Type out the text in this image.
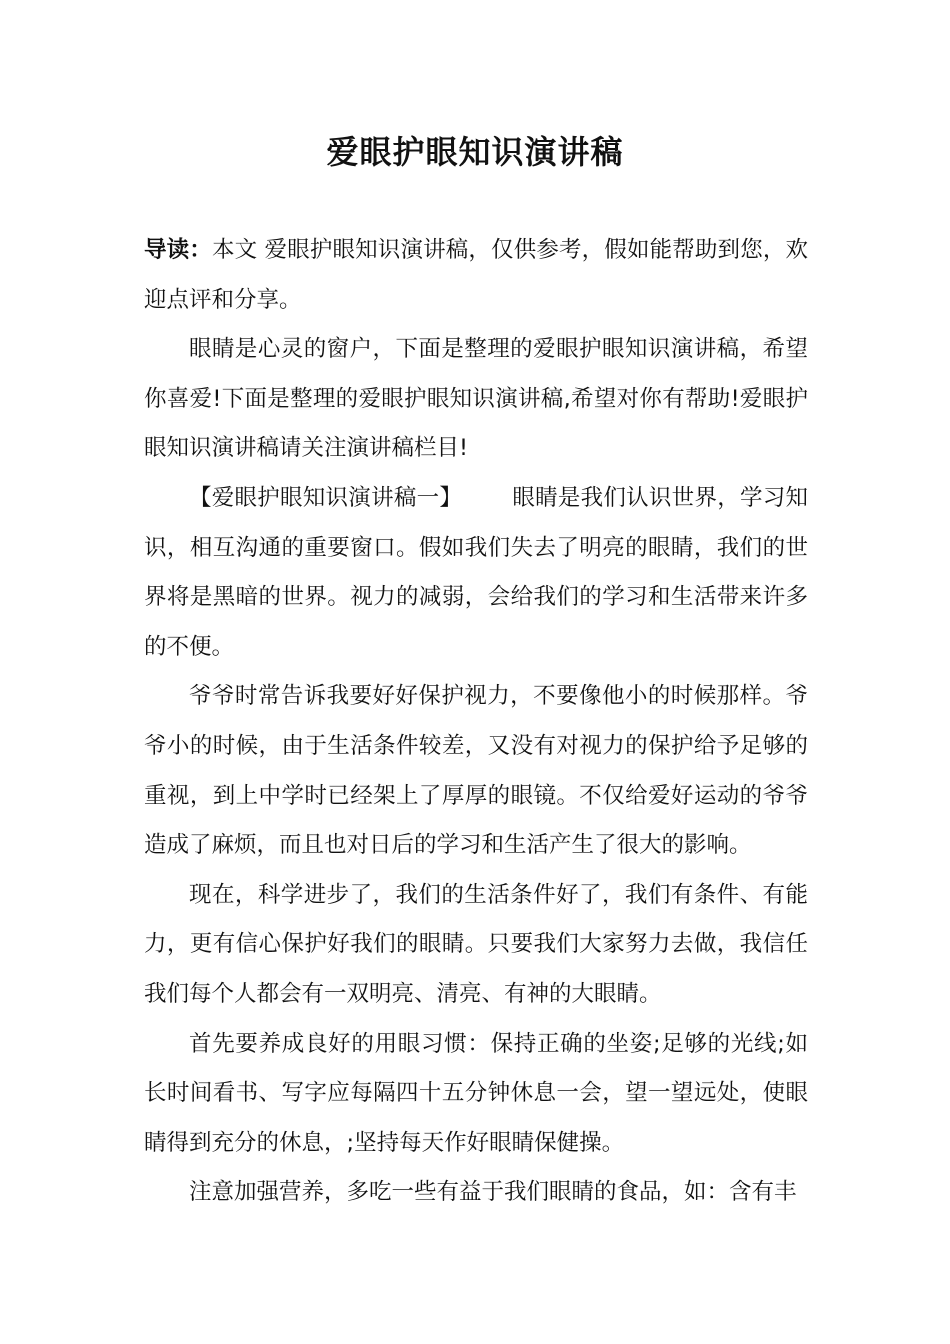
爱眼护眼知识演讲稿

导读：本文 爱眼护眼知识演讲稿，仅供参考，假如能帮助到您，欢迎点评和分享。

眼睛是心灵的窗户，下面是整理的爱眼护眼知识演讲稿，希望你喜爱!下面是整理的爱眼护眼知识演讲稿,希望对你有帮助!爱眼护眼知识演讲稿请关注演讲稿栏目!

【爱眼护眼知识演讲稿一】 眼睛是我们认识世界，学习知识，相互沟通的重要窗口。假如我们失去了明亮的眼睛，我们的世界将是黑暗的世界。视力的减弱，会给我们的学习和生活带来许多的不便。

爷爷时常告诉我要好好保护视力，不要像他小的时候那样。爷爷小的时候，由于生活条件较差，又没有对视力的保护给予足够的重视，到上中学时已经架上了厚厚的眼镜。不仅给爱好运动的爷爷造成了麻烦，而且也对日后的学习和生活产生了很大的影响。

现在，科学进步了，我们的生活条件好了，我们有条件、有能力，更有信心保护好我们的眼睛。只要我们大家努力去做，我信任我们每个人都会有一双明亮、清亮、有神的大眼睛。

首先要养成良好的用眼习惯：保持正确的坐姿;足够的光线;如长时间看书、写字应每隔四十五分钟休息一会，望一望远处，使眼睛得到充分的休息，;坚持每天作好眼睛保健操。

注意加强营养，多吃一些有益于我们眼睛的食品，如：含有丰
